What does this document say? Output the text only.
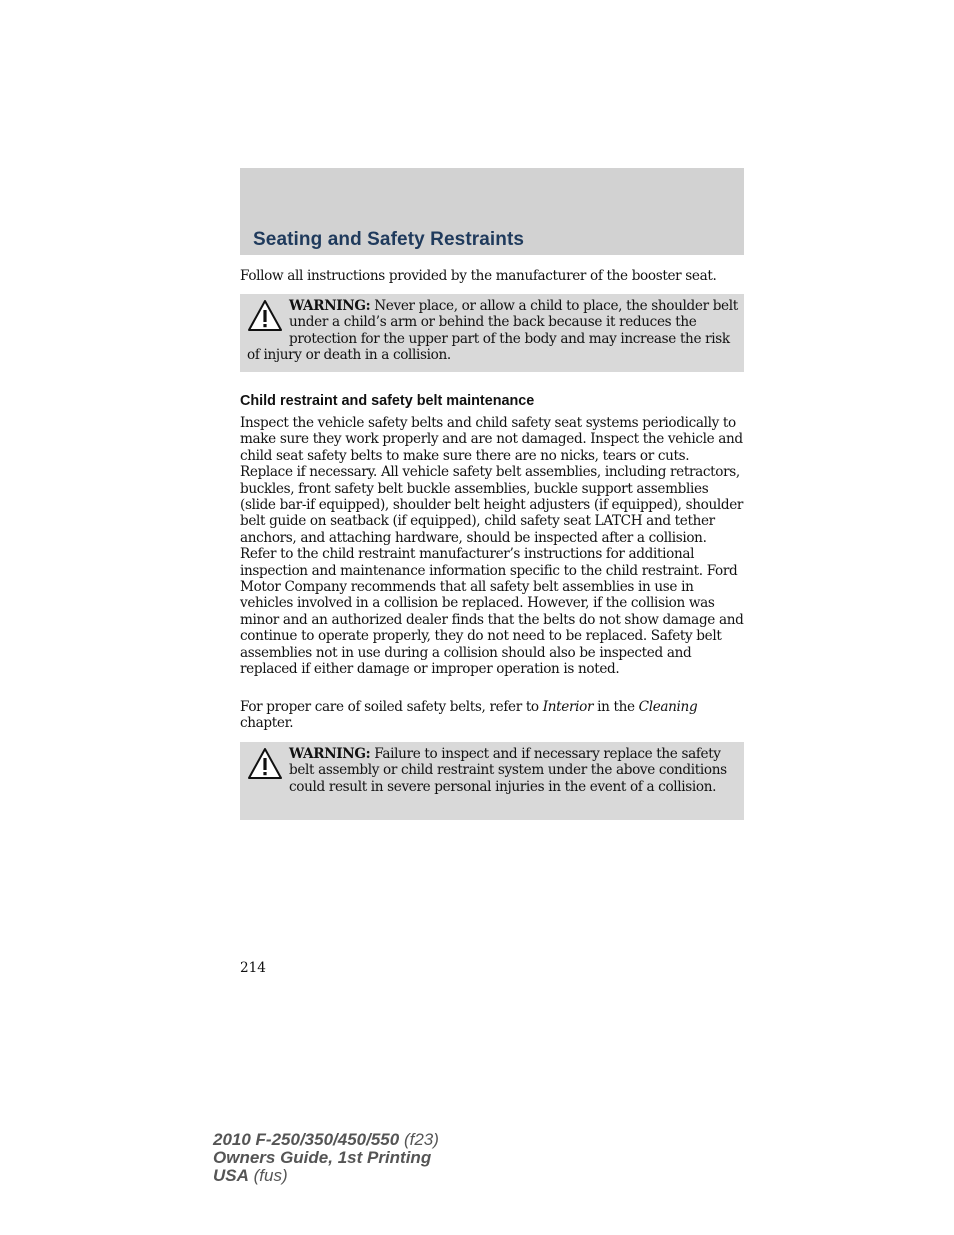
Seating and Safety Restraints
Follow all instructions provided by the manufacturer of the booster seat.
WARNING: Never place, or allow a child to place, the shoulder belt under a child’s arm or behind the back because it reduces the protection for the upper part of the body and may increase the risk of injury or death in a collision.
Child restraint and safety belt maintenance
Inspect the vehicle safety belts and child safety seat systems periodically to make sure they work properly and are not damaged. Inspect the vehicle and child seat safety belts to make sure there are no nicks, tears or cuts. Replace if necessary. All vehicle safety belt assemblies, including retractors, buckles, front safety belt buckle assemblies, buckle support assemblies (slide bar-if equipped), shoulder belt height adjusters (if equipped), shoulder belt guide on seatback (if equipped), child safety seat LATCH and tether anchors, and attaching hardware, should be inspected after a collision. Refer to the child restraint manufacturer’s instructions for additional inspection and maintenance information specific to the child restraint. Ford Motor Company recommends that all safety belt assemblies in use in vehicles involved in a collision be replaced. However, if the collision was minor and an authorized dealer finds that the belts do not show damage and continue to operate properly, they do not need to be replaced. Safety belt assemblies not in use during a collision should also be inspected and replaced if either damage or improper operation is noted.
For proper care of soiled safety belts, refer to Interior in the Cleaning chapter.
WARNING: Failure to inspect and if necessary replace the safety belt assembly or child restraint system under the above conditions could result in severe personal injuries in the event of a collision.
214
2010 F-250/350/450/550 (f23)
Owners Guide, 1st Printing
USA (fus)
